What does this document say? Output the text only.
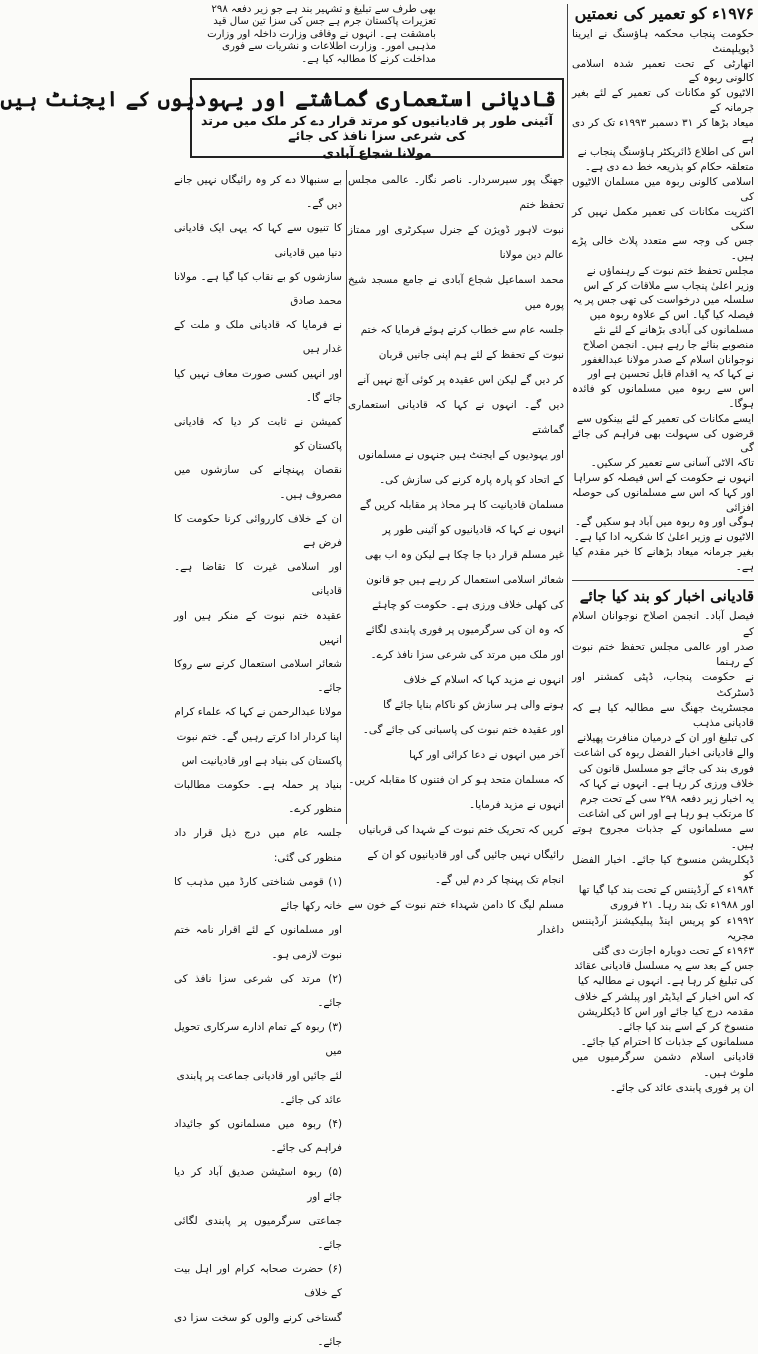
بھی طرف سے تبلیغ و تشہیر بند ہے جو زیر دفعہ ۲۹۸

تعزیرات پاکستان جرم ہے جس کی سزا تین سال قید

بامشقت ہے۔ انہوں نے وفاقی وزارت داخلہ اور وزارت

مذہبی امور۔ وزارت اطلاعات و نشریات سے فوری

مداخلت کرنے کا مطالبہ کیا ہے۔

قادیانی استعماری گماشتے اور یہودیوں کے ایجنٹ ہیں
آئینی طور پر قادیانیوں کو مرتد قرار دے کر ملک میں مرتد کی شرعی سزا نافذ کی جائے
مولانا شجاع آبادی

جھنگ پور سیرسردار۔ ناصر نگار۔ عالمی مجلس تحفظ ختم

نبوت لاہور ڈویژن کے جنرل سیکرٹری اور ممتاز عالم دین مولانا

محمد اسماعیل شجاع آبادی نے جامع مسجد شیخ پورہ میں

جلسہ عام سے خطاب کرتے ہوئے فرمایا کہ ختم

نبوت کے تحفظ کے لئے ہم اپنی جانیں قربان

کر دیں گے لیکن اس عقیدہ پر کوئی آنچ نہیں آنے

دیں گے۔ انہوں نے کہا کہ قادیانی استعماری گماشتے

اور یہودیوں کے ایجنٹ ہیں جنہوں نے مسلمانوں

کے اتحاد کو پارہ پارہ کرنے کی سازش کی۔

مسلمان قادیانیت کا ہر محاذ پر مقابلہ کریں گے

انہوں نے کہا کہ قادیانیوں کو آئینی طور پر

غیر مسلم قرار دیا جا چکا ہے لیکن وہ اب بھی

شعائر اسلامی استعمال کر رہے ہیں جو قانون

کی کھلی خلاف ورزی ہے۔ حکومت کو چاہئے

کہ وہ ان کی سرگرمیوں پر فوری پابندی لگائے

اور ملک میں مرتد کی شرعی سزا نافذ کرے۔

انہوں نے مزید کہا کہ اسلام کے خلاف

ہونے والی ہر سازش کو ناکام بنایا جائے گا

اور عقیدہ ختم نبوت کی پاسبانی کی جائے گی۔

آخر میں انہوں نے دعا کرائی اور کہا

کہ مسلمان متحد ہو کر ان فتنوں کا مقابلہ کریں۔

انہوں نے مزید فرمایا۔

کریں کہ تحریک ختم نبوت کے شہدا کی قربانیاں

رائیگاں نہیں جائیں گی اور قادیانیوں کو ان کے

انجام تک پہنچا کر دم لیں گے۔

مسلم لیگ کا دامن شہداء ختم نبوت کے خون سے داغدار

بے سنبھالا دے کر وہ رائیگاں نہیں جانے دیں گے۔

کا تنیوں سے کہا کہ یہی ایک قادیانی دنیا میں قادیانی

سازشوں کو بے نقاب کیا گیا ہے۔ مولانا محمد صادق

نے فرمایا کہ قادیانی ملک و ملت کے غدار ہیں

اور انہیں کسی صورت معاف نہیں کیا جائے گا۔

کمیشن نے ثابت کر دیا کہ قادیانی پاکستان کو

نقصان پہنچانے کی سازشوں میں مصروف ہیں۔

ان کے خلاف کارروائی کرنا حکومت کا فرض ہے

اور اسلامی غیرت کا تقاضا ہے۔ قادیانی

عقیدہ ختم نبوت کے منکر ہیں اور انہیں

شعائر اسلامی استعمال کرنے سے روکا جائے۔

مولانا عبدالرحمن نے کہا کہ علماء کرام

اپنا کردار ادا کرتے رہیں گے۔ ختم نبوت

پاکستان کی بنیاد ہے اور قادیانیت اس

بنیاد پر حملہ ہے۔ حکومت مطالبات منظور کرے۔

جلسہ عام میں درج ذیل قرار داد منظور کی گئی:

(۱) قومی شناختی کارڈ میں مذہب کا خانہ رکھا جائے

اور مسلمانوں کے لئے اقرار نامہ ختم نبوت لازمی ہو۔

(۲) مرتد کی شرعی سزا نافذ کی جائے۔

(۳) ربوہ کے تمام ادارے سرکاری تحویل میں

لئے جائیں اور قادیانی جماعت پر پابندی

عائد کی جائے۔

(۴) ربوہ میں مسلمانوں کو جائیداد فراہم کی جائے۔

(۵) ربوہ اسٹیشن صدیق آباد کر دیا جائے اور

جماعتی سرگرمیوں پر پابندی لگائی جائے۔

(۶) حضرت صحابہ کرام اور اہل بیت کے خلاف

گستاخی کرنے والوں کو سخت سزا دی جائے۔

۱۹۷۶ء کو تعمیر کی نعمتیں

حکومت پنجاب محکمہ ہاؤسنگ نے ایرینا ڈیویلپمنٹ

اتھارٹی کے تحت تعمیر شدہ اسلامی کالونی ربوہ کے

الاٹیوں کو مکانات کی تعمیر کے لئے بغیر جرمانہ کے

میعاد بڑھا کر ۳۱ دسمبر ۱۹۹۳ء تک کر دی ہے

اس کی اطلاع ڈائریکٹر ہاؤسنگ پنجاب نے

متعلقہ حکام کو بذریعہ خط دے دی ہے۔

اسلامی کالونی ربوہ میں مسلمان الاٹیوں کی

اکثریت مکانات کی تعمیر مکمل نہیں کر سکی

جس کی وجہ سے متعدد پلاٹ خالی پڑے ہیں۔

مجلس تحفظ ختم نبوت کے رہنماؤں نے

وزیر اعلیٰ پنجاب سے ملاقات کر کے اس

سلسلہ میں درخواست کی تھی جس پر یہ

فیصلہ کیا گیا۔ اس کے علاوہ ربوہ میں

مسلمانوں کی آبادی بڑھانے کے لئے نئے

منصوبے بنائے جا رہے ہیں۔ انجمن اصلاح

نوجوانان اسلام کے صدر مولانا عبدالغفور

نے کہا کہ یہ اقدام قابل تحسین ہے اور

اس سے ربوہ میں مسلمانوں کو فائدہ ہوگا۔

ایسے مکانات کی تعمیر کے لئے بینکوں سے

قرضوں کی سہولت بھی فراہم کی جائے گی

تاکہ الاٹی آسانی سے تعمیر کر سکیں۔

انہوں نے حکومت کے اس فیصلہ کو سراہا

اور کہا کہ اس سے مسلمانوں کی حوصلہ افزائی

ہوگی اور وہ ربوہ میں آباد ہو سکیں گے۔

الاٹیوں نے وزیر اعلیٰ کا شکریہ ادا کیا ہے۔

بغیر جرمانہ میعاد بڑھانے کا خیر مقدم کیا ہے۔

قادیانی اخبار کو بند کیا جائے

فیصل آباد۔ انجمن اصلاح نوجوانان اسلام کے

صدر اور عالمی مجلس تحفظ ختم نبوت کے رہنما

نے حکومت پنجاب، ڈپٹی کمشنر اور ڈسٹرکٹ

مجسٹریٹ جھنگ سے مطالبہ کیا ہے کہ قادیانی مذہب

کی تبلیغ اور ان کے درمیان منافرت پھیلانے

والے قادیانی اخبار الفضل ربوہ کی اشاعت

فوری بند کی جائے جو مسلسل قانون کی

خلاف ورزی کر رہا ہے۔ انہوں نے کہا کہ

یہ اخبار زیر دفعہ ۲۹۸ سی کے تحت جرم

کا مرتکب ہو رہا ہے اور اس کی اشاعت

سے مسلمانوں کے جذبات مجروح ہوتے ہیں۔

ڈیکلریشن منسوخ کیا جائے۔ اخبار الفضل کو

۱۹۸۴ء کے آرڈیننس کے تحت بند کیا گیا تھا

اور ۱۹۸۸ء تک بند رہا۔ ۲۱ فروری

۱۹۹۲ء کو پریس اینڈ پبلیکیشنز آرڈیننس مجریہ

۱۹۶۳ء کے تحت دوبارہ اجازت دی گئی

جس کے بعد سے یہ مسلسل قادیانی عقائد

کی تبلیغ کر رہا ہے۔ انہوں نے مطالبہ کیا

کہ اس اخبار کے ایڈیٹر اور پبلشر کے خلاف

مقدمہ درج کیا جائے اور اس کا ڈیکلریشن

منسوخ کر کے اسے بند کیا جائے۔

مسلمانوں کے جذبات کا احترام کیا جائے۔

قادیانی اسلام دشمن سرگرمیوں میں ملوث ہیں۔

ان پر فوری پابندی عائد کی جائے۔
